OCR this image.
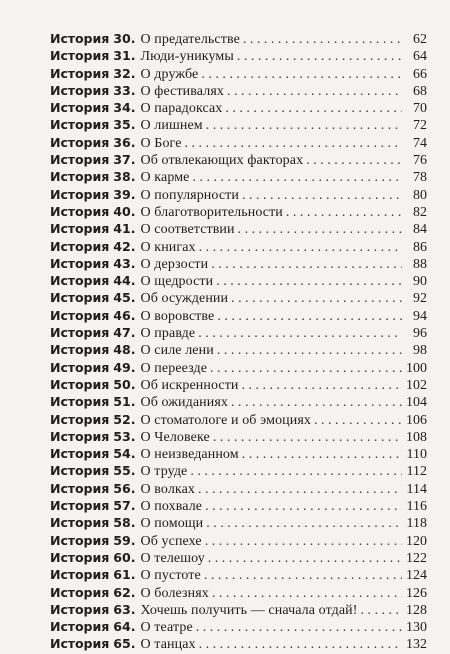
История 30. О предательстве . . .	62
История 31. Люди-уникумы . . .	64
История 32. О дружбе . . .	66
История 33. О фестивалях . . .	68
История 34. О парадоксах . . .	70
История 35. О лишнем . . .	72
История 36. О Боге . . .	74
История 37. Об отвлекающих факторах . . .	76
История 38. О карме . . .	78
История 39. О популярности . . .	80
История 40. О благотворительности . . .	82
История 41. О соответствии . . .	84
История 42. О книгах . . .	86
История 43. О дерзости . . .	88
История 44. О щедрости . . .	90
История 45. Об осуждении . . .	92
История 46. О воровстве . . .	94
История 47. О правде . . .	96
История 48. О силе лени . . .	98
История 49. О переезде . . .	100
История 50. Об искренности . . .	102
История 51. Об ожиданиях . . .	104
История 52. О стоматологе и об эмоциях . . .	106
История 53. О Человеке . . .	108
История 54. О неизведанном . . .	110
История 55. О труде . . .	112
История 56. О волках . . .	114
История 57. О похвале . . .	116
История 58. О помощи . . .	118
История 59. Об успехе . . .	120
История 60. О телешоу . . .	122
История 61. О пустоте . . .	124
История 62. О болезнях . . .	126
История 63. Хочешь получить — сначала отдай! . . .	128
История 64. О театре . . .	130
История 65. О танцах . . .	132
